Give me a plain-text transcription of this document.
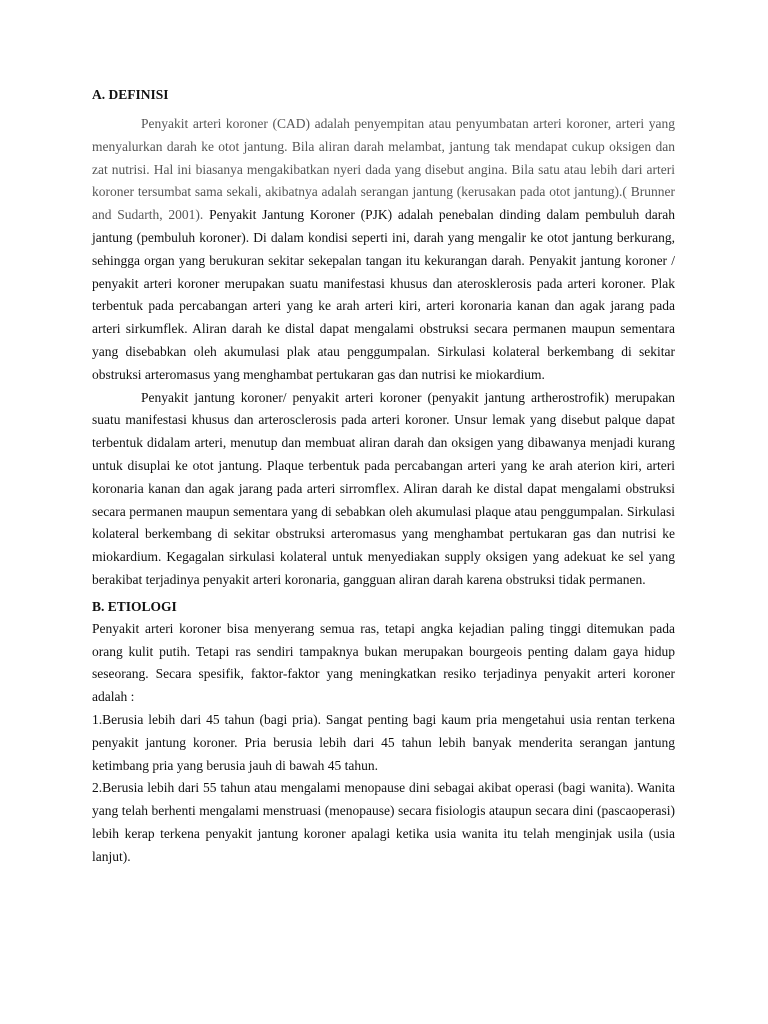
A. DEFINISI

Penyakit arteri koroner (CAD) adalah penyempitan atau penyumbatan arteri koroner, arteri yang menyalurkan darah ke otot jantung. Bila aliran darah melambat, jantung tak mendapat cukup oksigen dan zat nutrisi. Hal ini biasanya mengakibatkan nyeri dada yang disebut angina. Bila satu atau lebih dari arteri koroner tersumbat sama sekali, akibatnya adalah serangan jantung (kerusakan pada otot jantung).( Brunner and Sudarth, 2001). Penyakit Jantung Koroner (PJK) adalah penebalan dinding dalam pembuluh darah jantung (pembuluh koroner). Di dalam kondisi seperti ini, darah yang mengalir ke otot jantung berkurang, sehingga organ yang berukuran sekitar sekepalan tangan itu kekurangan darah. Penyakit jantung koroner / penyakit arteri koroner merupakan suatu manifestasi khusus dan aterosklerosis pada arteri koroner. Plak terbentuk pada percabangan arteri yang ke arah arteri kiri, arteri koronaria kanan dan agak jarang pada arteri sirkumflek. Aliran darah ke distal dapat mengalami obstruksi secara permanen maupun sementara yang disebabkan oleh akumulasi plak atau penggumpalan. Sirkulasi kolateral berkembang di sekitar obstruksi arteromasus yang menghambat pertukaran gas dan nutrisi ke miokardium.

Penyakit jantung koroner/ penyakit arteri koroner (penyakit jantung artherostrofik) merupakan suatu manifestasi khusus dan arterosclerosis pada arteri koroner. Unsur lemak yang disebut palque dapat terbentuk didalam arteri, menutup dan membuat aliran darah dan oksigen yang dibawanya menjadi kurang untuk disuplai ke otot jantung. Plaque terbentuk pada percabangan arteri yang ke arah aterion kiri, arteri koronaria kanan dan agak jarang pada arteri sirromflex. Aliran darah ke distal dapat mengalami obstruksi secara permanen maupun sementara yang di sebabkan oleh akumulasi plaque atau penggumpalan. Sirkulasi kolateral berkembang di sekitar obstruksi arteromasus yang menghambat pertukaran gas dan nutrisi ke miokardium. Kegagalan sirkulasi kolateral untuk menyediakan supply oksigen yang adekuat ke sel yang berakibat terjadinya penyakit arteri koronaria, gangguan aliran darah karena obstruksi tidak permanen.

B. ETIOLOGI

Penyakit arteri koroner bisa menyerang semua ras, tetapi angka kejadian paling tinggi ditemukan pada orang kulit putih. Tetapi ras sendiri tampaknya bukan merupakan bourgeois penting dalam gaya hidup seseorang. Secara spesifik, faktor-faktor yang meningkatkan resiko terjadinya penyakit arteri koroner adalah :

1.Berusia lebih dari 45 tahun (bagi pria). Sangat penting bagi kaum pria mengetahui usia rentan terkena penyakit jantung koroner. Pria berusia lebih dari 45 tahun lebih banyak menderita serangan jantung ketimbang pria yang berusia jauh di bawah 45 tahun.

2.Berusia lebih dari 55 tahun atau mengalami menopause dini sebagai akibat operasi (bagi wanita). Wanita yang telah berhenti mengalami menstruasi (menopause) secara fisiologis ataupun secara dini (pascaoperasi) lebih kerap terkena penyakit jantung koroner apalagi ketika usia wanita itu telah menginjak usila (usia lanjut).
